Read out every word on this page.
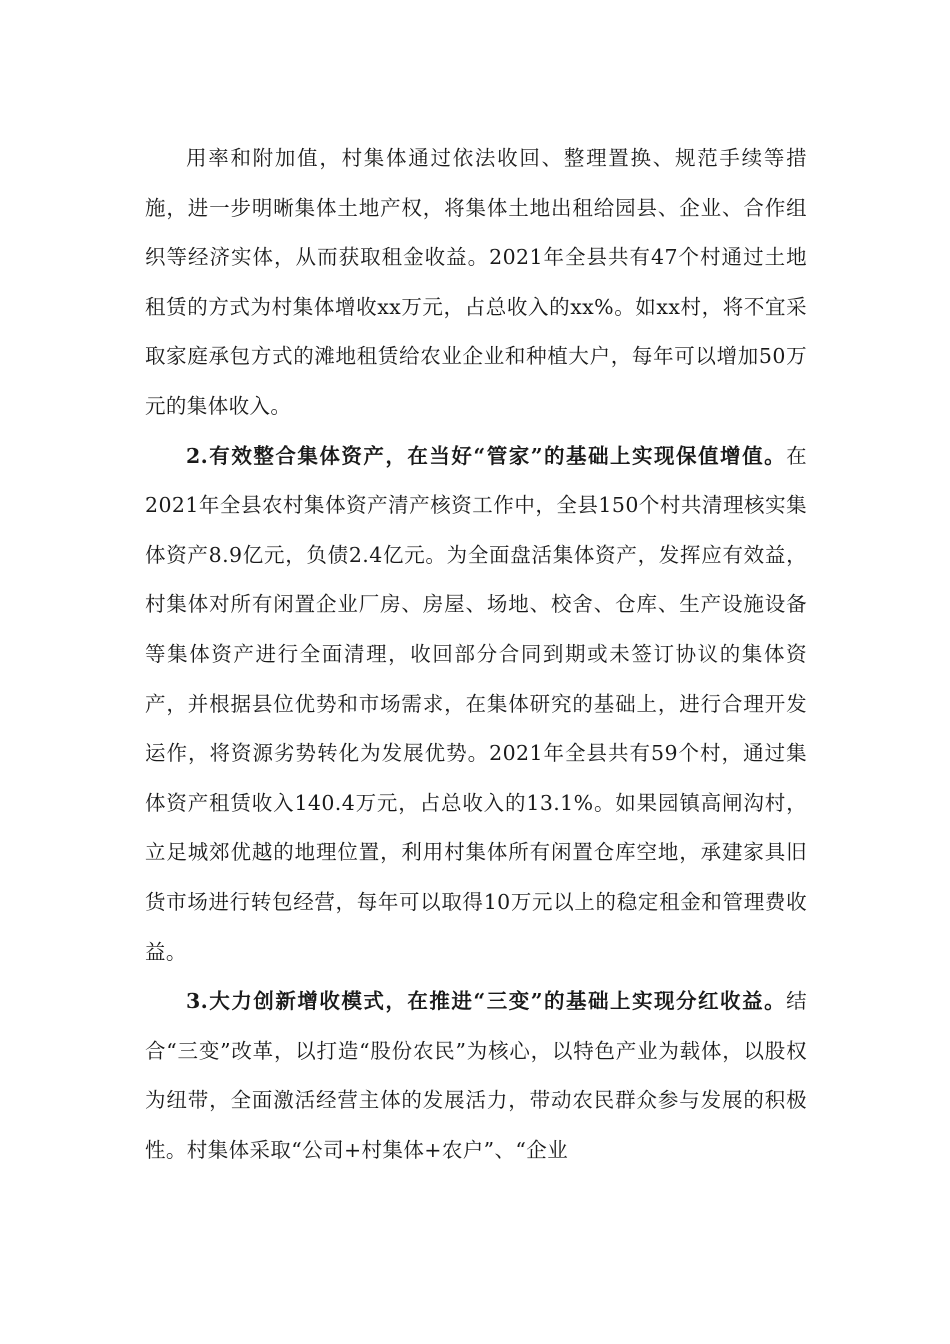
用率和附加值，村集体通过依法收回、整理置换、规范手续等措施，进一步明晰集体土地产权，将集体土地出租给园县、企业、合作组织等经济实体，从而获取租金收益。2021年全县共有47个村通过土地租赁的方式为村集体增收xx万元，占总收入的xx%。如xx村，将不宜采取家庭承包方式的滩地租赁给农业企业和种植大户，每年可以增加50万元的集体收入。

2.有效整合集体资产，在当好“管家”的基础上实现保值增值。在2021年全县农村集体资产清产核资工作中，全县150个村共清理核实集体资产8.9亿元，负债2.4亿元。为全面盘活集体资产，发挥应有效益，村集体对所有闲置企业厂房、房屋、场地、校舍、仓库、生产设施设备等集体资产进行全面清理，收回部分合同到期或未签订协议的集体资产，并根据县位优势和市场需求，在集体研究的基础上，进行合理开发运作，将资源劣势转化为发展优势。2021年全县共有59个村，通过集体资产租赁收入140.4万元，占总收入的13.1%。如果园镇高闸沟村，立足城郊优越的地理位置，利用村集体所有闲置仓库空地，承建家具旧货市场进行转包经营，每年可以取得10万元以上的稳定租金和管理费收益。

3.大力创新增收模式，在推进“三变”的基础上实现分红收益。结合“三变”改革，以打造“股份农民”为核心，以特色产业为载体，以股权为纽带，全面激活经营主体的发展活力，带动农民群众参与发展的积极性。村集体采取“公司+村集体+农户”、“企业
